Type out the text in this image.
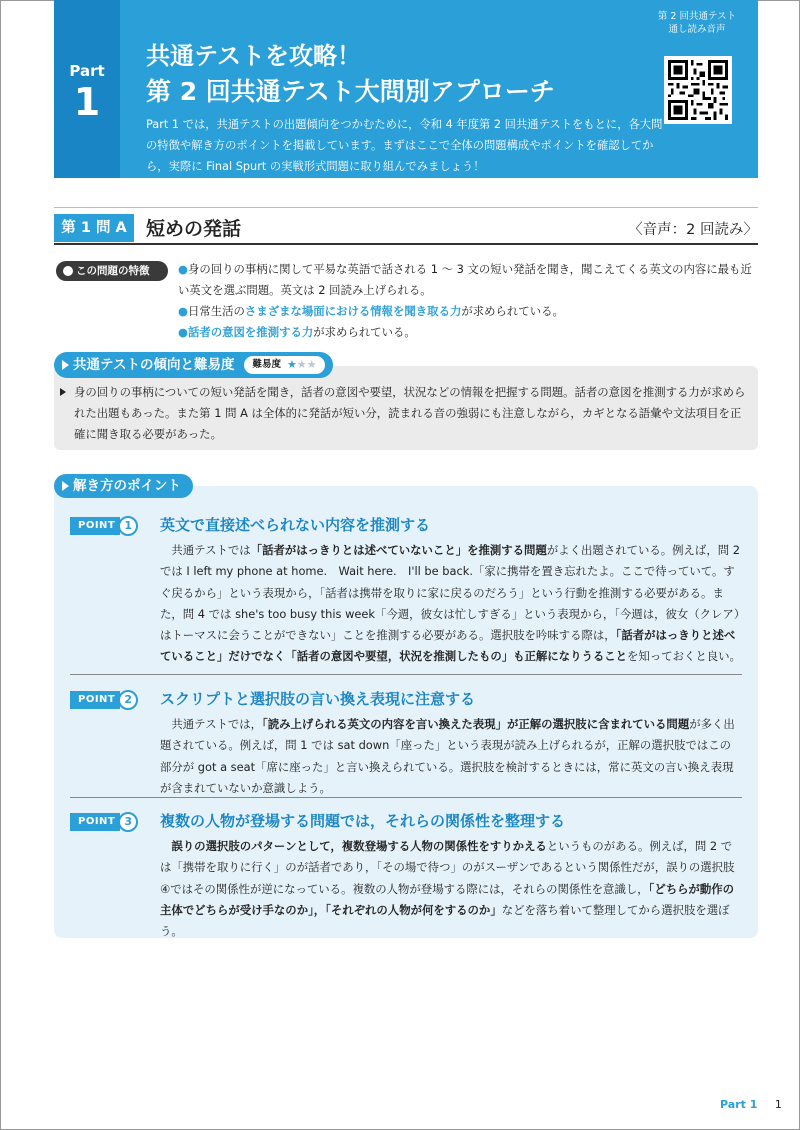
Part
1
共通テストを攻略！
第 2 回共通テスト大問別アプローチ
Part 1 では，共通テストの出題傾向をつかむために，令和 4 年度第 2 回共通テストをもとに，各大問の特徴や解き方のポイントを掲載しています。まずはここで全体の問題構成やポイントを確認してから，実際に Final Spurt の実戦形式問題に取り組んでみましょう！
第 2 回共通テスト
通し読み音声
第 1 問 A	短めの発話	〈音声：2 回読み〉
この問題の特徴	●身の回りの事柄に関して平易な英語で話される 1 ～ 3 文の短い発話を聞き，聞こえてくる英文の内容に最も近い英文を選ぶ問題。英文は 2 回読み上げられる。

●日常生活のさまざまな場面における情報を聞き取る力が求められている。

●話者の意図を推測する力が求められている。

共通テストの傾向と難易度 難易度 ★★★
身の回りの事柄についての短い発話を聞き，話者の意図や要望，状況などの情報を把握する問題。話者の意図を推測する力が求められた出題もあった。また第 1 問 A は全体的に発話が短い分，読まれる音の強弱にも注意しながら，カギとなる語彙や文法項目を正確に聞き取る必要があった。
解き方のポイント
POINT 1	英文で直接述べられない内容を推測する
共通テストでは「話者がはっきりとは述べていないこと」を推測する問題がよく出題されている。例えば，問 2 では I left my phone at home.　Wait here.　I'll be back.「家に携帯を置き忘れたよ。ここで待っていて。すぐ戻るから」という表現から，「話者は携帯を取りに家に戻るのだろう」という行動を推測する必要がある。また，問 4 では she's too busy this week「今週，彼女は忙しすぎる」という表現から，「今週は，彼女（クレア）はトーマスに会うことができない」ことを推測する必要がある。選択肢を吟味する際は，「話者がはっきりと述べていること」だけでなく「話者の意図や要望，状況を推測したもの」も正解になりうることを知っておくと良い。
POINT 2	スクリプトと選択肢の言い換え表現に注意する
共通テストでは，「読み上げられる英文の内容を言い換えた表現」が正解の選択肢に含まれている問題が多く出題されている。例えば，問 1 では sat down「座った」という表現が読み上げられるが，正解の選択肢ではこの部分が got a seat「席に座った」と言い換えられている。選択肢を検討するときには，常に英文の言い換え表現が含まれていないか意識しよう。
POINT 3	複数の人物が登場する問題では，それらの関係性を整理する
誤りの選択肢のパターンとして，複数登場する人物の関係性をすりかえるというものがある。例えば，問 2 では「携帯を取りに行く」のが話者であり，「その場で待つ」のがスーザンであるという関係性だが，誤りの選択肢④ではその関係性が逆になっている。複数の人物が登場する際には，それらの関係性を意識し，「どちらが動作の主体でどちらが受け手なのか」，「それぞれの人物が何をするのか」などを落ち着いて整理してから選択肢を選ぼう。
Part 1 1
